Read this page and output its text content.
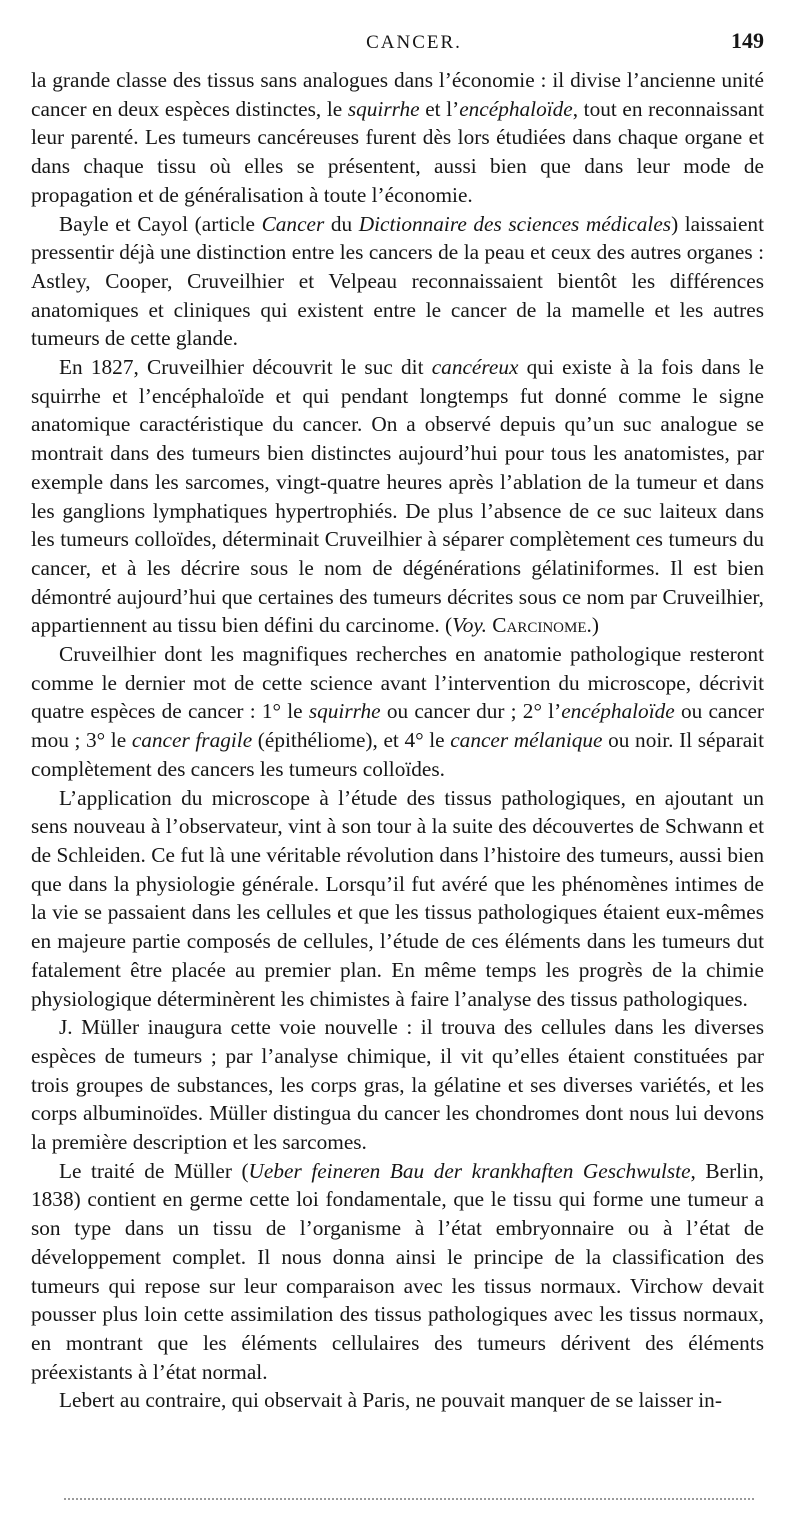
CANCER.	149

la grande classe des tissus sans analogues dans l’économie : il divise l’ancienne unité cancer en deux espèces distinctes, le squirrhe et l’encéphaloïde, tout en reconnaissant leur parenté. Les tumeurs cancéreuses furent dès lors étudiées dans chaque organe et dans chaque tissu où elles se présentent, aussi bien que dans leur mode de propagation et de généralisation à toute l’économie.

Bayle et Cayol (article Cancer du Dictionnaire des sciences médicales) laissaient pressentir déjà une distinction entre les cancers de la peau et ceux des autres organes : Astley, Cooper, Cruveilhier et Velpeau reconnaissaient bientôt les différences anatomiques et cliniques qui existent entre le cancer de la mamelle et les autres tumeurs de cette glande.

En 1827, Cruveilhier découvrit le suc dit cancéreux qui existe à la fois dans le squirrhe et l’encéphaloïde et qui pendant longtemps fut donné comme le signe anatomique caractéristique du cancer. On a observé depuis qu’un suc analogue se montrait dans des tumeurs bien distinctes aujourd’hui pour tous les anatomistes, par exemple dans les sarcomes, vingt-quatre heures après l’ablation de la tumeur et dans les ganglions lymphatiques hypertrophiés. De plus l’absence de ce suc laiteux dans les tumeurs colloïdes, déterminait Cruveilhier à séparer complètement ces tumeurs du cancer, et à les décrire sous le nom de dégénérations gélatiniformes. Il est bien démontré aujourd’hui que certaines des tumeurs décrites sous ce nom par Cruveilhier, appartiennent au tissu bien défini du carcinome. (Voy. Carcinome.)

Cruveilhier dont les magnifiques recherches en anatomie pathologique resteront comme le dernier mot de cette science avant l’intervention du microscope, décrivit quatre espèces de cancer : 1° le squirrhe ou cancer dur ; 2° l’encéphaloïde ou cancer mou ; 3° le cancer fragile (épithéliome), et 4° le cancer mélanique ou noir. Il séparait complètement des cancers les tumeurs colloïdes.

L’application du microscope à l’étude des tissus pathologiques, en ajoutant un sens nouveau à l’observateur, vint à son tour à la suite des découvertes de Schwann et de Schleiden. Ce fut là une véritable révolution dans l’histoire des tumeurs, aussi bien que dans la physiologie générale. Lorsqu’il fut avéré que les phénomènes intimes de la vie se passaient dans les cellules et que les tissus pathologiques étaient eux-mêmes en majeure partie composés de cellules, l’étude de ces éléments dans les tumeurs dut fatalement être placée au premier plan. En même temps les progrès de la chimie physiologique déterminèrent les chimistes à faire l’analyse des tissus pathologiques.

J. Müller inaugura cette voie nouvelle : il trouva des cellules dans les diverses espèces de tumeurs ; par l’analyse chimique, il vit qu’elles étaient constituées par trois groupes de substances, les corps gras, la gélatine et ses diverses variétés, et les corps albuminoïdes. Müller distingua du cancer les chondromes dont nous lui devons la première description et les sarcomes.

Le traité de Müller (Ueber feineren Bau der krankhaften Geschwulste, Berlin, 1838) contient en germe cette loi fondamentale, que le tissu qui forme une tumeur a son type dans un tissu de l’organisme à l’état embryonnaire ou à l’état de développement complet. Il nous donna ainsi le principe de la classification des tumeurs qui repose sur leur comparaison avec les tissus normaux. Virchow devait pousser plus loin cette assimilation des tissus pathologiques avec les tissus normaux, en montrant que les éléments cellulaires des tumeurs dérivent des éléments préexistants à l’état normal.

Lebert au contraire, qui observait à Paris, ne pouvait manquer de se laisser in-
